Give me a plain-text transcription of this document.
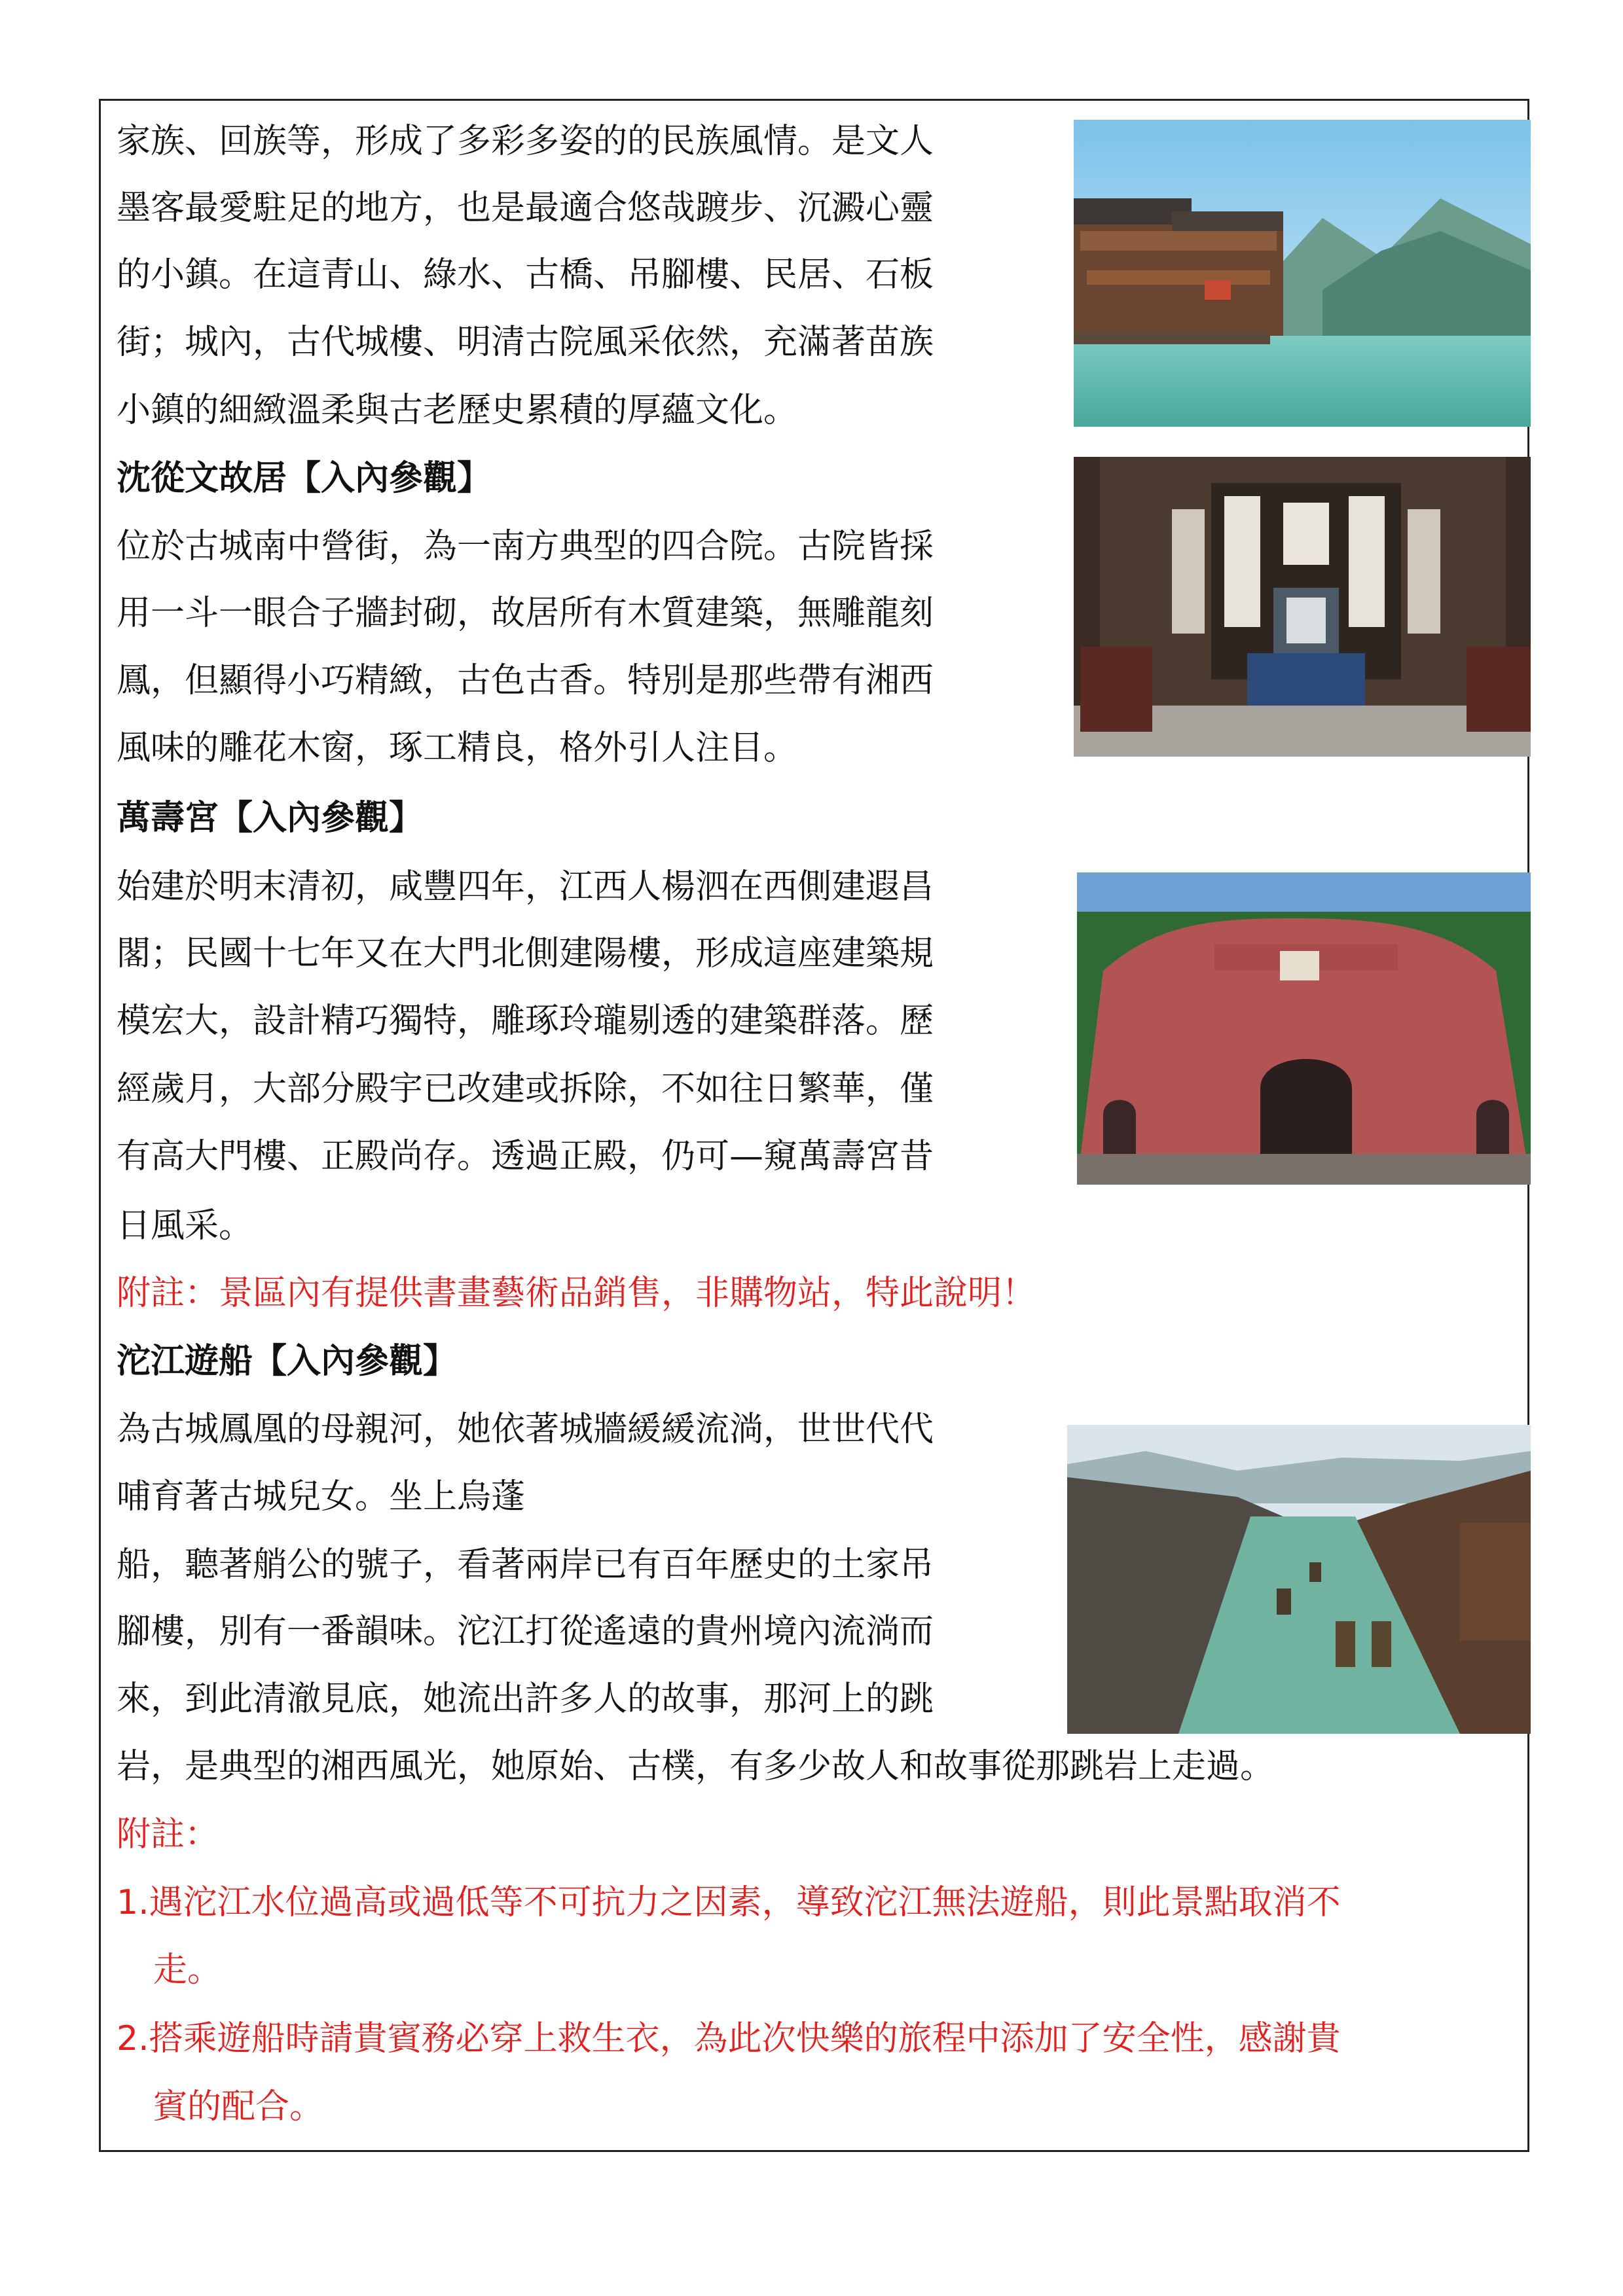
家族、回族等，形成了多彩多姿的的民族風情。是文人

墨客最愛駐足的地方，也是最適合悠哉踱步、沉澱心靈

的小鎮。在這青山、綠水、古橋、吊腳樓、民居、石板

街；城內，古代城樓、明清古院風采依然，充滿著苗族

小鎮的細緻溫柔與古老歷史累積的厚蘊文化。

沈從文故居【入內參觀】

位於古城南中營街，為一南方典型的四合院。古院皆採

用一斗一眼合子牆封砌，故居所有木質建築，無雕龍刻

鳳，但顯得小巧精緻，古色古香。特別是那些帶有湘西

風味的雕花木窗，琢工精良，格外引人注目。

萬壽宮【入內參觀】

始建於明末清初，咸豐四年，江西人楊泗在西側建遐昌

閣；民國十七年又在大門北側建陽樓，形成這座建築規

模宏大，設計精巧獨特，雕琢玲瓏剔透的建築群落。歷

經歲月，大部分殿宇已改建或拆除，不如往日繁華，僅

有高大門樓、正殿尚存。透過正殿，仍可—窺萬壽宮昔

日風采。

附註：景區內有提供書畫藝術品銷售，非購物站，特此說明！

沱江遊船【入內參觀】

為古城鳳凰的母親河，她依著城牆緩緩流淌，世世代代

哺育著古城兒女。坐上烏蓬

船，聽著艄公的號子，看著兩岸已有百年歷史的土家吊

腳樓，別有一番韻味。沱江打從遙遠的貴州境內流淌而

來，到此清澈見底，她流出許多人的故事，那河上的跳

岩，是典型的湘西風光，她原始、古樸，有多少故人和故事從那跳岩上走過。

附註：

1.遇沱江水位過高或過低等不可抗力之因素，導致沱江無法遊船，則此景點取消不

走。

2.搭乘遊船時請貴賓務必穿上救生衣，為此次快樂的旅程中添加了安全性，感謝貴

賓的配合。
